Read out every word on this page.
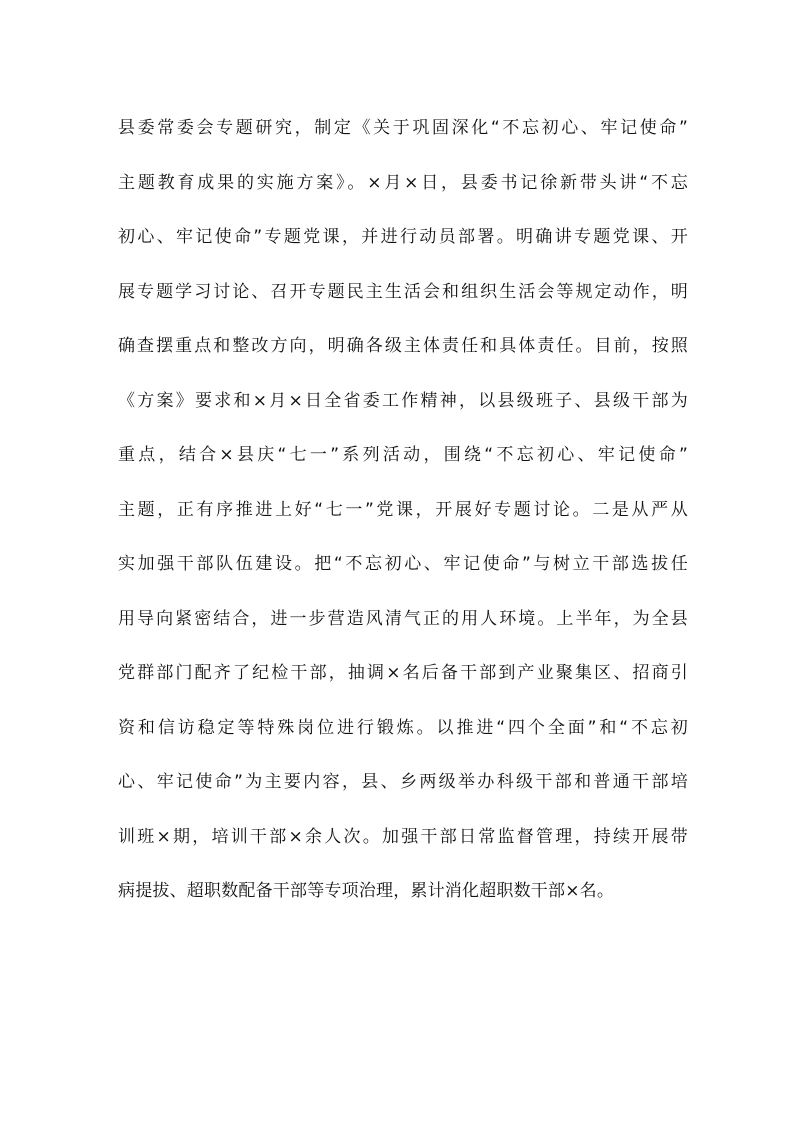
县委常委会专题研究，制定《关于巩固深化“不忘初心、牢记使命”
主题教育成果的实施方案》。×月×日，县委书记徐新带头讲“不忘
初心、牢记使命”专题党课，并进行动员部署。明确讲专题党课、开
展专题学习讨论、召开专题民主生活会和组织生活会等规定动作，明
确查摆重点和整改方向，明确各级主体责任和具体责任。目前，按照
《方案》要求和×月×日全省委工作精神，以县级班子、县级干部为
重点，结合×县庆“七一”系列活动，围绕“不忘初心、牢记使命”
主题，正有序推进上好“七一”党课，开展好专题讨论。二是从严从
实加强干部队伍建设。把“不忘初心、牢记使命”与树立干部选拔任
用导向紧密结合，进一步营造风清气正的用人环境。上半年，为全县
党群部门配齐了纪检干部，抽调×名后备干部到产业聚集区、招商引
资和信访稳定等特殊岗位进行锻炼。以推进“四个全面”和“不忘初
心、牢记使命”为主要内容，县、乡两级举办科级干部和普通干部培
训班×期，培训干部×余人次。加强干部日常监督管理，持续开展带
病提拔、超职数配备干部等专项治理，累计消化超职数干部×名。
